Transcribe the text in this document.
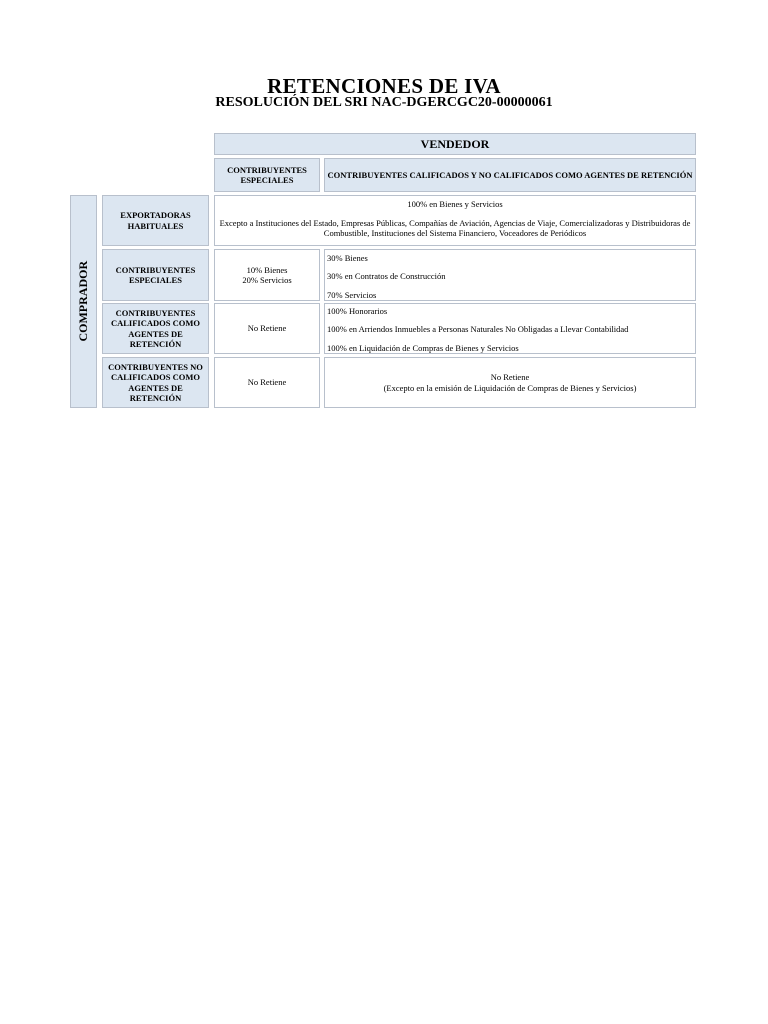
RETENCIONES DE IVA
RESOLUCIÓN DEL SRI NAC-DGERCGC20-00000061
VENDEDOR
CONTRIBUYENTES ESPECIALES
CONTRIBUYENTES CALIFICADOS Y NO CALIFICADOS COMO AGENTES DE RETENCIÓN
COMPRADOR
EXPORTADORAS HABITUALES

100% en Bienes y Servicios

Excepto a Instituciones del Estado, Empresas Públicas, Compañías de Aviación, Agencias de Viaje, Comercializadoras y Distribuidoras de Combustible, Instituciones del Sistema Financiero, Voceadores de Periódicos

CONTRIBUYENTES ESPECIALES

10% Bienes

20% Servicios

30% Bienes

30% en Contratos de Construcción

70% Servicios

CONTRIBUYENTES CALIFICADOS COMO AGENTES DE RETENCIÓN
No Retiene

100% Honorarios

100% en Arriendos Inmuebles a Personas Naturales No Obligadas a Llevar Contabilidad

100% en Liquidación de Compras de Bienes y Servicios

CONTRIBUYENTES NO CALIFICADOS COMO AGENTES DE RETENCIÓN
No Retiene

No Retiene

(Excepto en la emisión de Liquidación de Compras de Bienes y Servicios)
